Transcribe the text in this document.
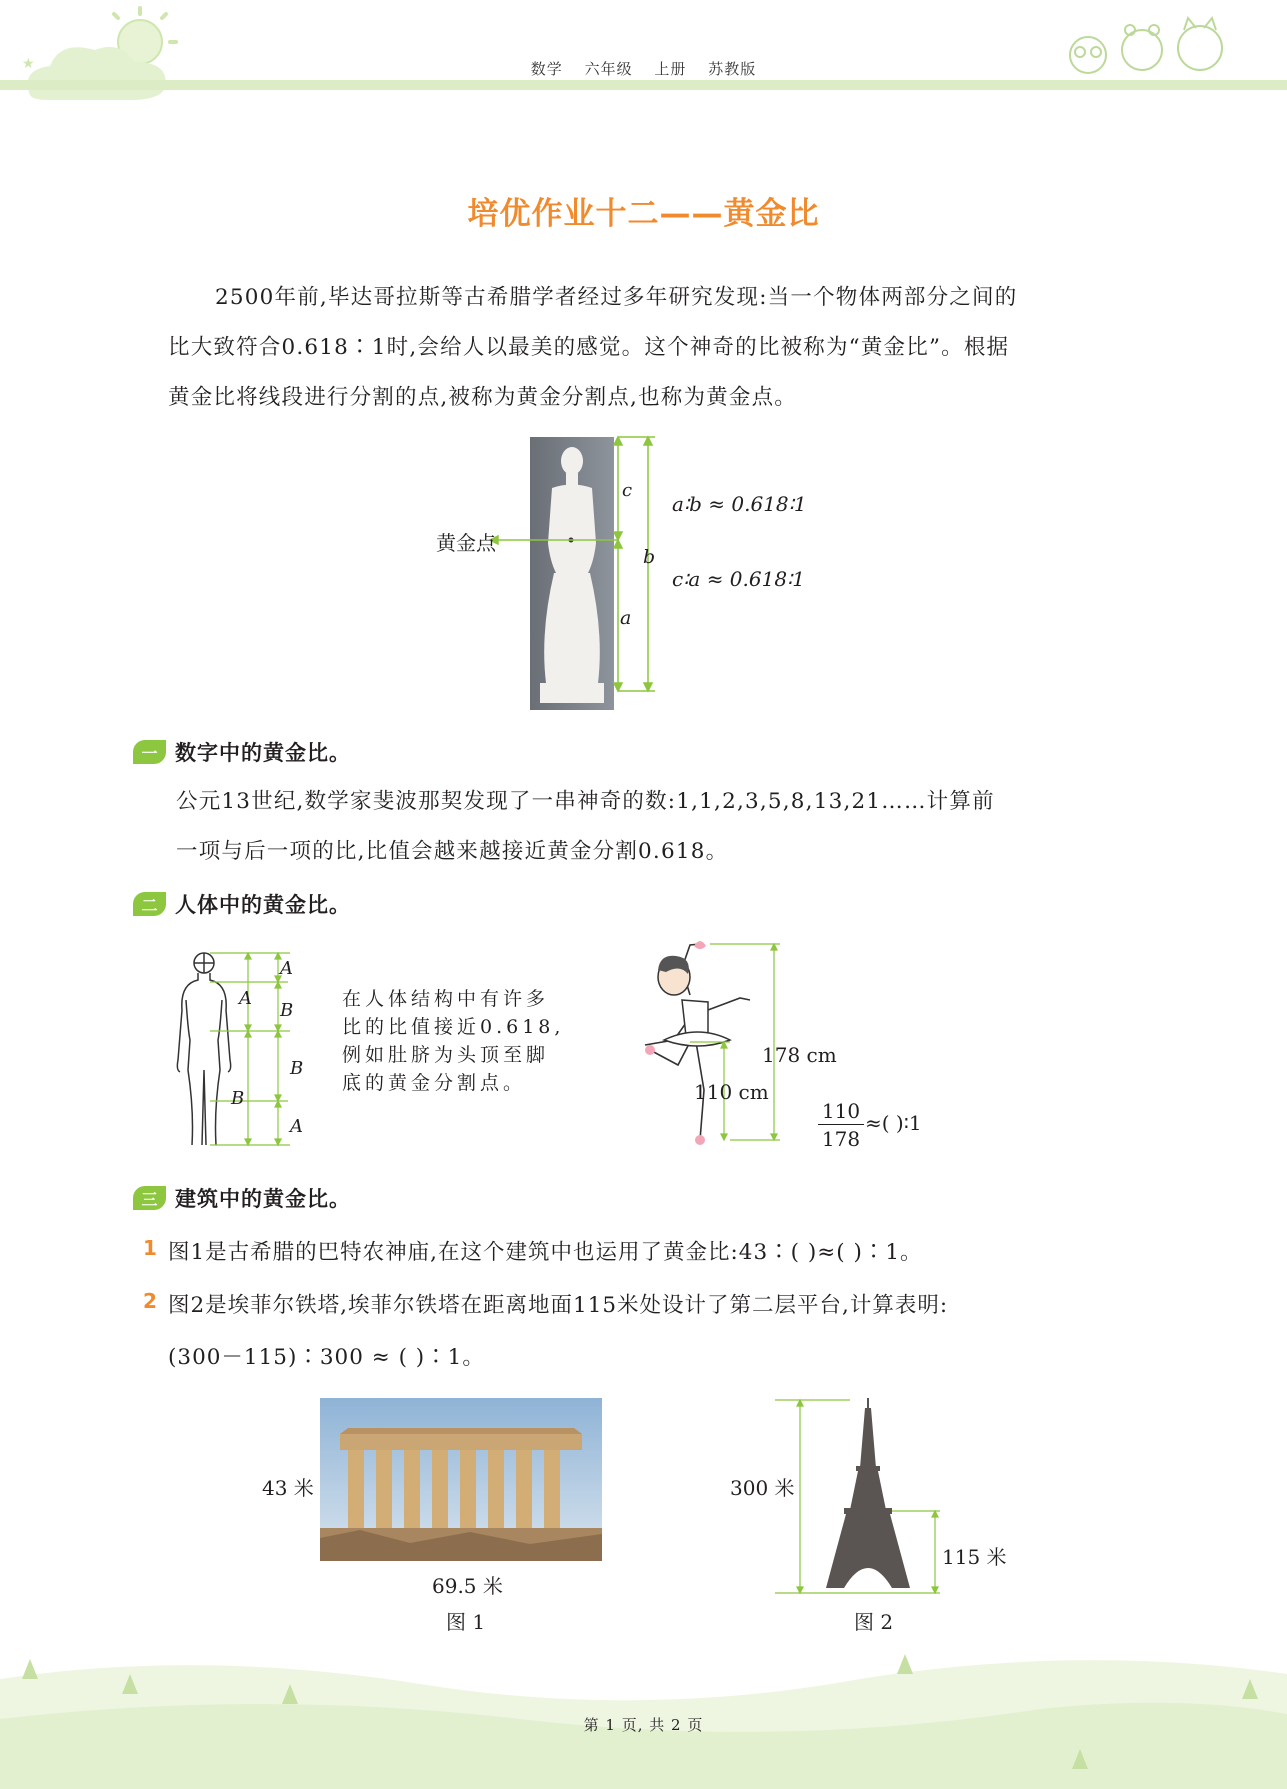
★	数学 六年级 上册 苏教版
培优作业十二——黄金比
2500年前,毕达哥拉斯等古希腊学者经过多年研究发现:当一个物体两部分之间的
比大致符合0.618∶1时,会给人以最美的感觉。这个神奇的比被称为“黄金比”。根据
黄金比将线段进行分割的点,被称为黄金分割点,也称为黄金点。
黄金点
c
b
a
a∶b ≈ 0.618∶1
c∶a ≈ 0.618∶1
一 数字中的黄金比。
公元13世纪,数学家斐波那契发现了一串神奇的数:1,1,2,3,5,8,13,21……计算前
一项与后一项的比,比值会越来越接近黄金分割0.618。
二 人体中的黄金比。
A
A
B
B
B
A
在人体结构中有许多
比的比值接近0.618,
例如肚脐为头顶至脚
底的黄金分割点。
178 cm
110 cm
$\frac{110}{178}$ ≈( )∶1
三 建筑中的黄金比。
1 图1是古希腊的巴特农神庙,在这个建筑中也运用了黄金比:43∶( )≈( )∶1。
2 图2是埃菲尔铁塔,埃菲尔铁塔在距离地面115米处设计了第二层平台,计算表明:
(300－115)∶300 ≈ ( )∶1。
43 米
69.5 米
图 1
300 米
115 米
图 2
第 1 页, 共 2 页
